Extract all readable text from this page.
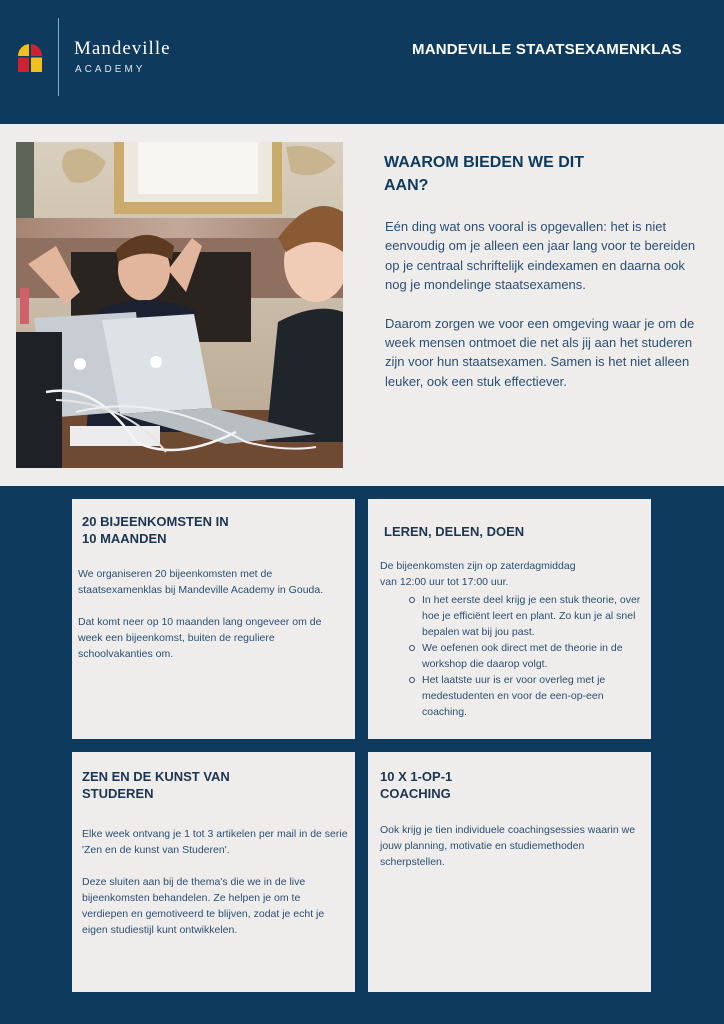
Mandeville
ACADEMY
MANDEVILLE STAATSEXAMENKLAS
WAAROM BIEDEN WE DIT AAN?

Eén ding wat ons vooral is opgevallen: het is niet eenvoudig om je alleen een jaar lang voor te bereiden op je centraal schriftelijk eindexamen en daarna ook nog je mondelinge staatsexamens.

Daarom zorgen we voor een omgeving waar je om de week mensen ontmoet die net als jij aan het studeren zijn voor hun staatsexamen. Samen is het niet alleen leuker, ook een stuk effectiever.

20 BIJEENKOMSTEN IN 10 MAANDEN

We organiseren 20 bijeenkomsten met de staatsexamenklas bij Mandeville Academy in Gouda.

Dat komt neer op 10 maanden lang ongeveer om de week een bijeenkomst, buiten de reguliere schoolvakanties om.

LEREN, DELEN, DOEN
De bijeenkomsten zijn op zaterdagmiddag
van 12:00 uur tot 17:00 uur.
In het eerste deel krijg je een stuk theorie, over hoe je efficiënt leert en plant. Zo kun je al snel bepalen wat bij jou past.
We oefenen ook direct met de theorie in de workshop die daarop volgt.
Het laatste uur is er voor overleg met je medestudenten en voor de een-op-een coaching.
ZEN EN DE KUNST VAN STUDEREN

Elke week ontvang je 1 tot 3 artikelen per mail in de serie 'Zen en de kunst van Studeren'.

Deze sluiten aan bij de thema's die we in de live bijeenkomsten behandelen. Ze helpen je om te verdiepen en gemotiveerd te blijven, zodat je echt je eigen studiestijl kunt ontwikkelen.

10 X 1-OP-1 COACHING

Ook krijg je tien individuele coachingsessies waarin we jouw planning, motivatie en studiemethoden scherpstellen.
